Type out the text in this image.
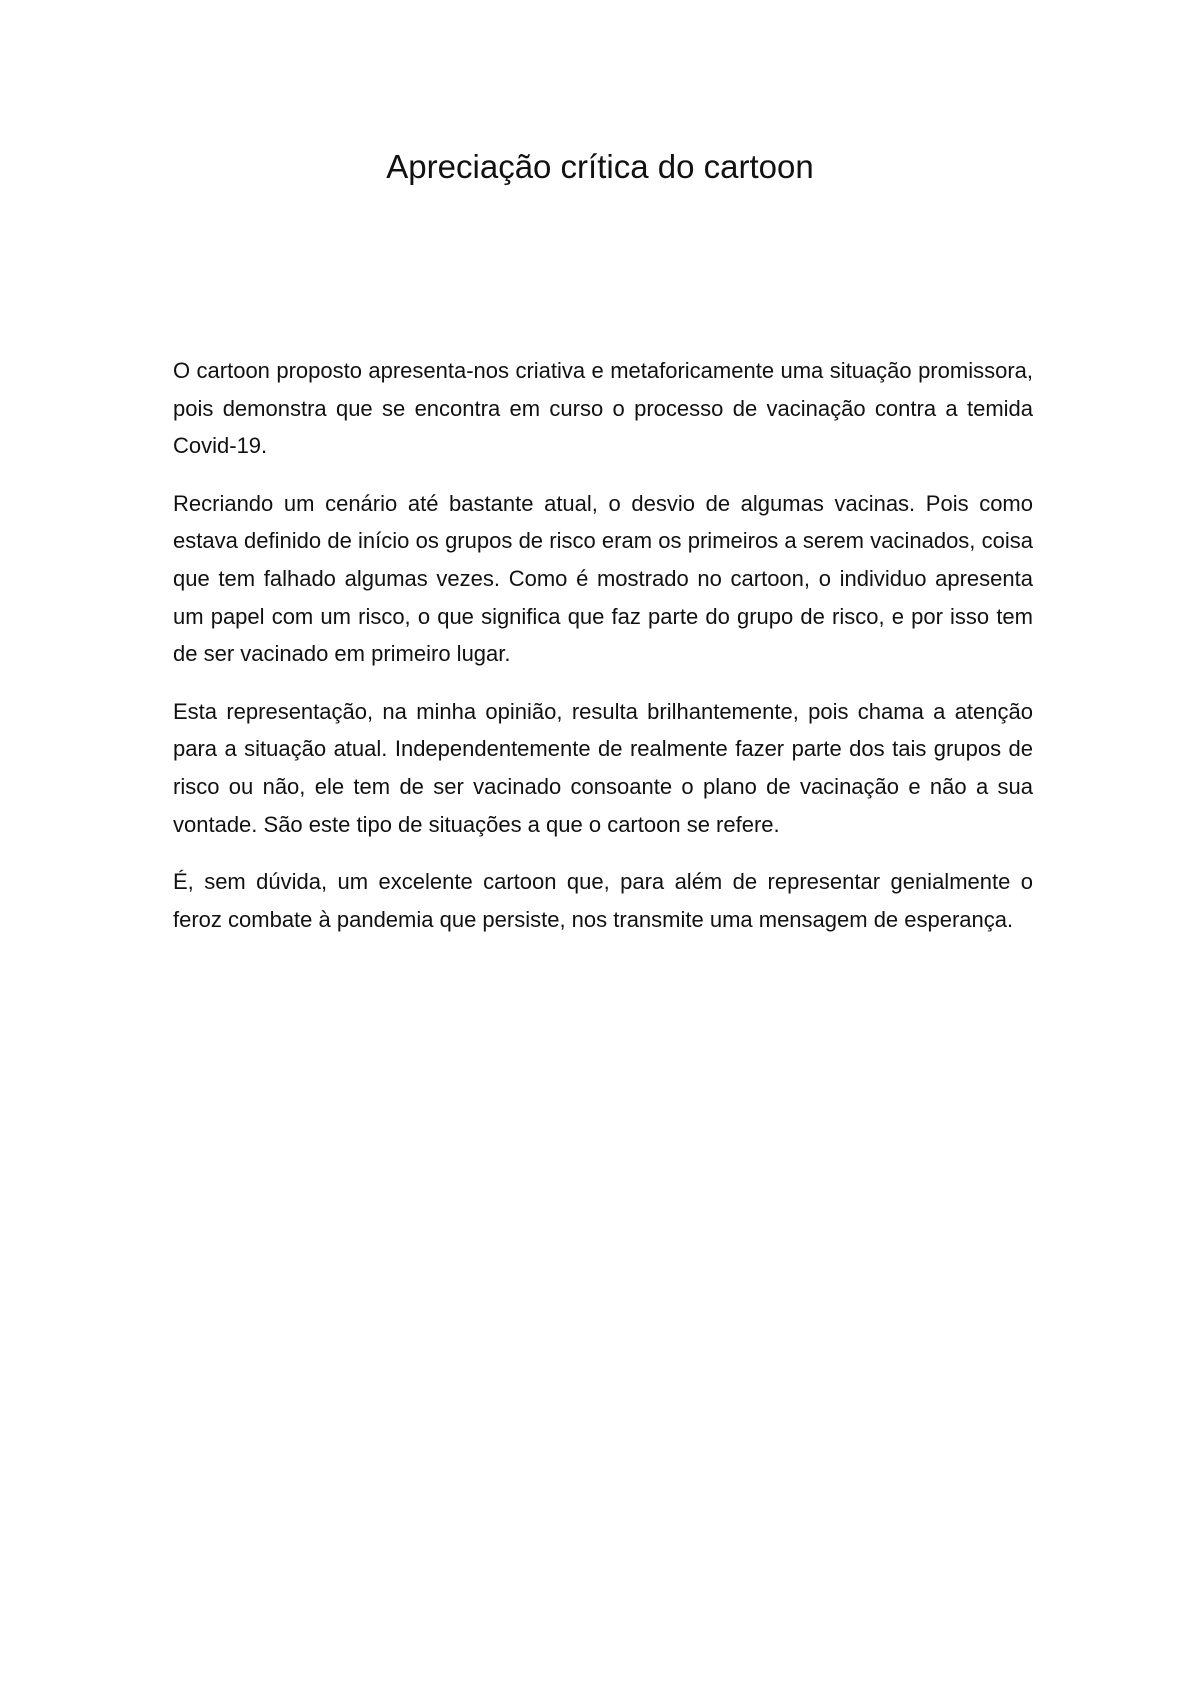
Apreciação crítica do cartoon

O cartoon proposto apresenta-nos criativa e metaforicamente uma situação promissora, pois demonstra que se encontra em curso o processo de vacinação contra a temida Covid-19.

Recriando um cenário até bastante atual, o desvio de algumas vacinas. Pois como estava definido de início os grupos de risco eram os primeiros a serem vacinados, coisa que tem falhado algumas vezes. Como é mostrado no cartoon, o individuo apresenta um papel com um risco, o que significa que faz parte do grupo de risco, e por isso tem de ser vacinado em primeiro lugar.

Esta representação, na minha opinião, resulta brilhantemente, pois chama a atenção para a situação atual. Independentemente de realmente fazer parte dos tais grupos de risco ou não, ele tem de ser vacinado consoante o plano de vacinação e não a sua vontade. São este tipo de situações a que o cartoon se refere.

É, sem dúvida, um excelente cartoon que, para além de representar genialmente o feroz combate à pandemia que persiste, nos transmite uma mensagem de esperança.
